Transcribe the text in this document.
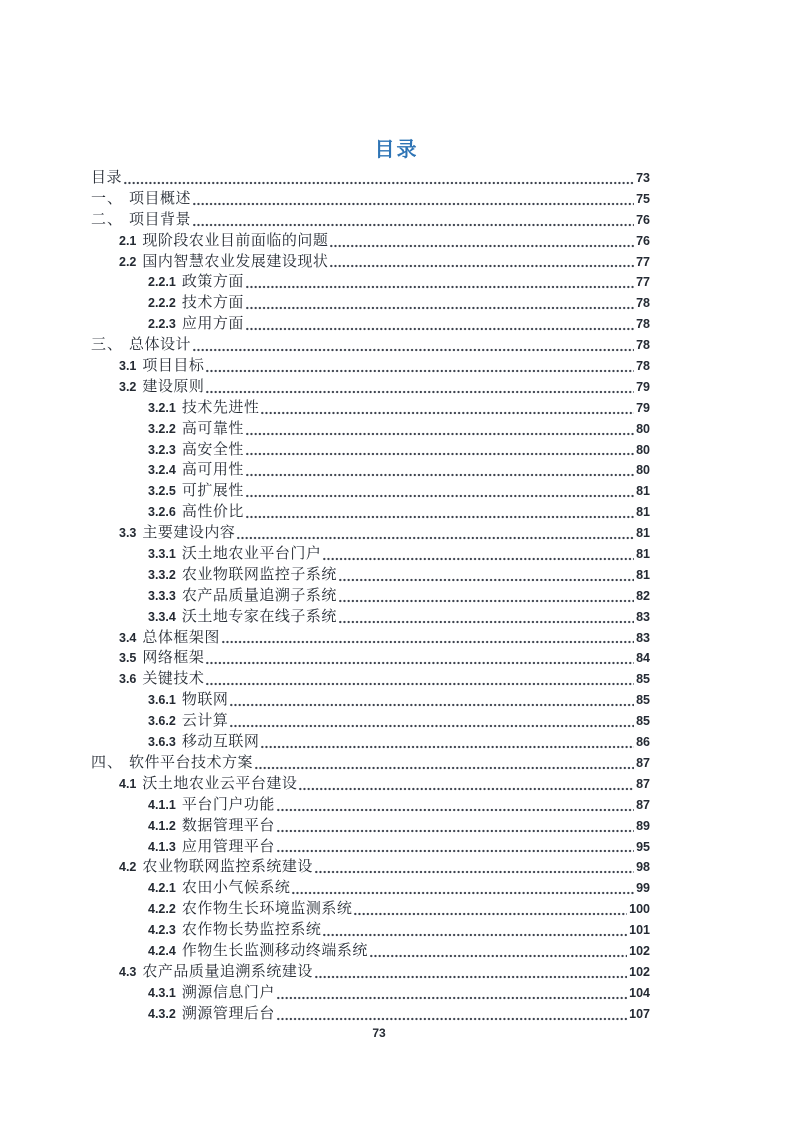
目录
目录	73
一、 项目概述	75
二、 项目背景	76
2.1 现阶段农业目前面临的问题	76
2.2 国内智慧农业发展建设现状	77
2.2.1 政策方面	77
2.2.2 技术方面	78
2.2.3 应用方面	78
三、 总体设计	78
3.1 项目目标	78
3.2 建设原则	79
3.2.1 技术先进性	79
3.2.2 高可靠性	80
3.2.3 高安全性	80
3.2.4 高可用性	80
3.2.5 可扩展性	81
3.2.6 高性价比	81
3.3 主要建设内容	81
3.3.1 沃土地农业平台门户	81
3.3.2 农业物联网监控子系统	81
3.3.3 农产品质量追溯子系统	82
3.3.4 沃土地专家在线子系统	83
3.4 总体框架图	83
3.5 网络框架	84
3.6 关键技术	85
3.6.1 物联网	85
3.6.2 云计算	85
3.6.3 移动互联网	86
四、 软件平台技术方案	87
4.1 沃土地农业云平台建设	87
4.1.1 平台门户功能	87
4.1.2 数据管理平台	89
4.1.3 应用管理平台	95
4.2 农业物联网监控系统建设	98
4.2.1 农田小气候系统	99
4.2.2 农作物生长环境监测系统	100
4.2.3 农作物长势监控系统	101
4.2.4 作物生长监测移动终端系统	102
4.3 农产品质量追溯系统建设	102
4.3.1 溯源信息门户	104
4.3.2 溯源管理后台	107
73
